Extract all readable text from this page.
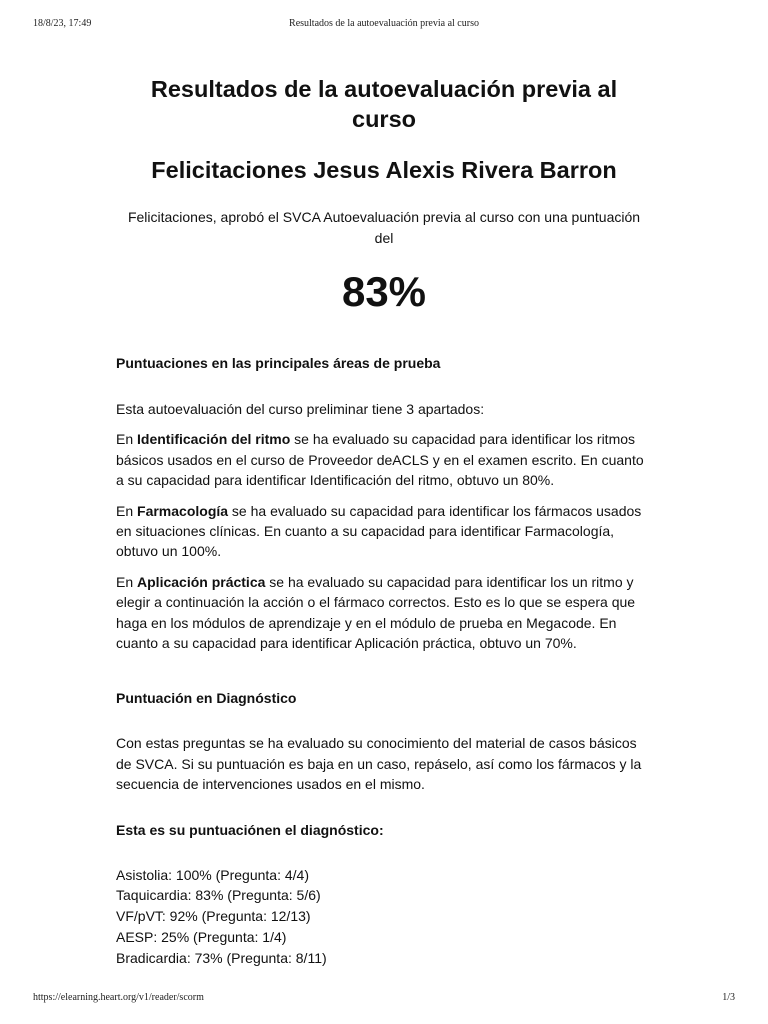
18/8/23, 17:49	Resultados de la autoevaluación previa al curso
Resultados de la autoevaluación previa al curso
Felicitaciones Jesus Alexis Rivera Barron

Felicitaciones, aprobó el SVCA Autoevaluación previa al curso con una puntuación del

83%
Puntuaciones en las principales áreas de prueba

Esta autoevaluación del curso preliminar tiene 3 apartados:

En Identificación del ritmo se ha evaluado su capacidad para identificar los ritmos básicos usados en el curso de Proveedor deACLS y en el examen escrito. En cuanto a su capacidad para identificar Identificación del ritmo, obtuvo un 80%.

En Farmacología se ha evaluado su capacidad para identificar los fármacos usados en situaciones clínicas. En cuanto a su capacidad para identificar Farmacología, obtuvo un 100%.

En Aplicación práctica se ha evaluado su capacidad para identificar los un ritmo y elegir a continuación la acción o el fármaco correctos. Esto es lo que se espera que haga en los módulos de aprendizaje y en el módulo de prueba en Megacode. En cuanto a su capacidad para identificar Aplicación práctica, obtuvo un 70%.

Puntuación en Diagnóstico

Con estas preguntas se ha evaluado su conocimiento del material de casos básicos de SVCA. Si su puntuación es baja en un caso, repáselo, así como los fármacos y la secuencia de intervenciones usados en el mismo.

Esta es su puntuaciónen el diagnóstico:
Asistolia: 100% (Pregunta: 4/4)
Taquicardia: 83% (Pregunta: 5/6)
VF/pVT: 92% (Pregunta: 12/13)
AESP: 25% (Pregunta: 1/4)
Bradicardia: 73% (Pregunta: 8/11)
https://elearning.heart.org/v1/reader/scorm	1/3
